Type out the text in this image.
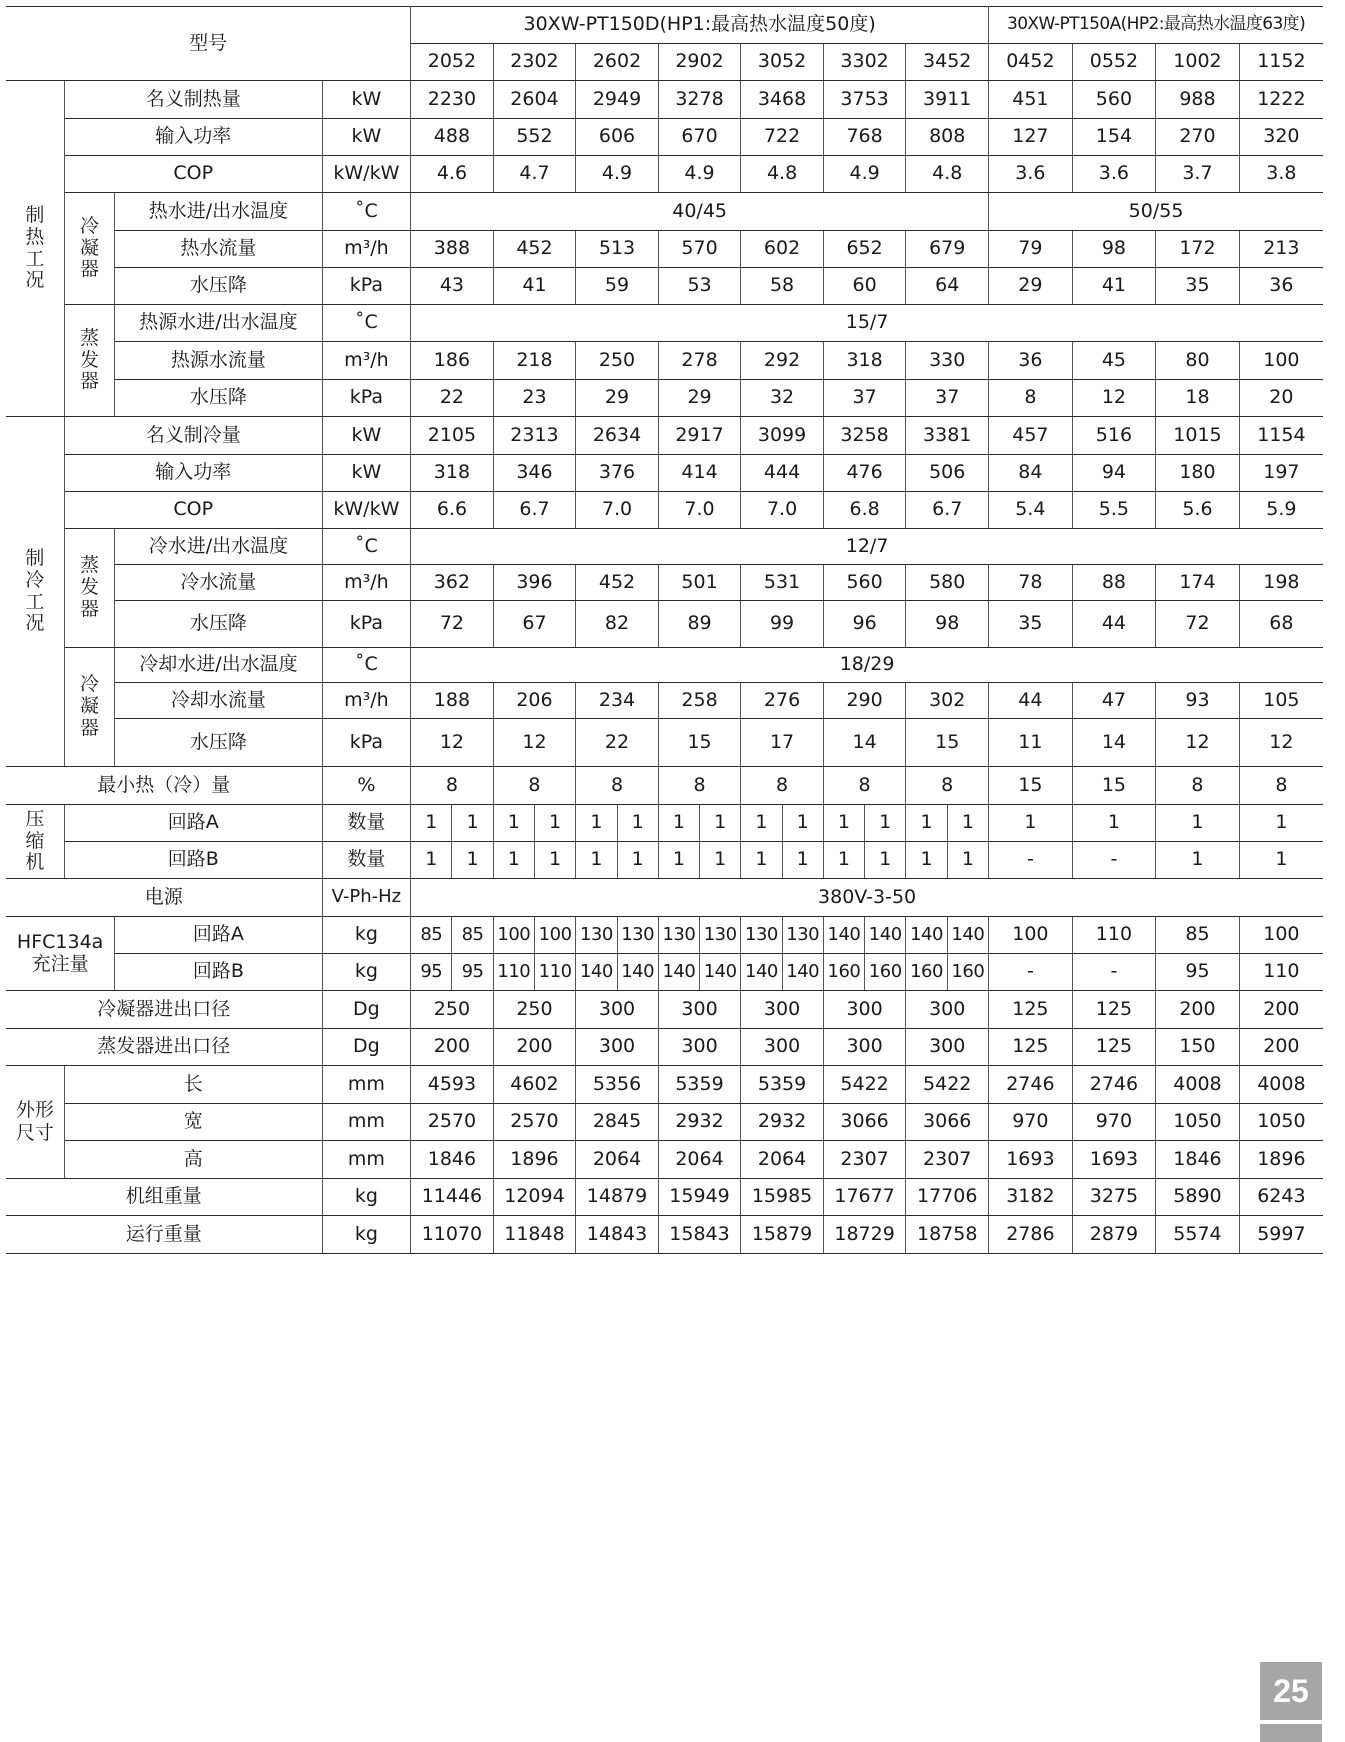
型号				30XW-PT150D(HP1:最高热水温度50度)														30XW-PT150A(HP2:最高热水温度63度)			
				2052		2302		2602		2902		3052		3302		3452		0452	0552	1002	1152
制热工况	名义制热量		kW	2230		2604		2949		3278		3468		3753		3911		451	560	988	1222
	输入功率		kW	488		552		606		670		722		768		808		127	154	270	320
	COP		kW/kW	4.6		4.7		4.9		4.9		4.8		4.9		4.8		3.6	3.6	3.7	3.8
	冷凝器	热水进/出水温度	˚C	40/45														50/55			
		热水流量	m³/h	388		452		513		570		602		652		679		79	98	172	213
		水压降	kPa	43		41		59		53		58		60		64		29	41	35	36
	蒸发器	热源水进/出水温度	˚C	15/7																	
		热源水流量	m³/h	186		218		250		278		292		318		330		36	45	80	100
		水压降	kPa	22		23		29		29		32		37		37		8	12	18	20
制冷工况	名义制冷量		kW	2105		2313		2634		2917		3099		3258		3381		457	516	1015	1154
	输入功率		kW	318		346		376		414		444		476		506		84	94	180	197
	COP		kW/kW	6.6		6.7		7.0		7.0		7.0		6.8		6.7		5.4	5.5	5.6	5.9
	蒸发器	冷水进/出水温度	˚C	12/7																	
		冷水流量	m³/h	362		396		452		501		531		560		580		78	88	174	198
		水压降	kPa	72		67		82		89		99		96		98		35	44	72	68
	冷凝器	冷却水进/出水温度	˚C	18/29																	
		冷却水流量	m³/h	188		206		234		258		276		290		302		44	47	93	105
		水压降	kPa	12		12		22		15		17		14		15		11	14	12	12
最小热（冷）量			%	8		8		8		8		8		8		8		15	15	8	8
压缩机	回路A		数量	1	1	1	1	1	1	1	1	1	1	1	1	1	1	1	1	1	1
	回路B		数量	1	1	1	1	1	1	1	1	1	1	1	1	1	1	-	-	1	1
电源			V-Ph-Hz	380V-3-50																	
HFC134a
充注量		回路A	kg	85	85	100	100	130	130	130	130	130	130	140	140	140	140	100	110	85	100
		回路B	kg	95	95	110	110	140	140	140	140	140	140	160	160	160	160	-	-	95	110
冷凝器进出口径			Dg	250		250		300		300		300		300		300		125	125	200	200
蒸发器进出口径			Dg	200		200		300		300		300		300		300		125	125	150	200
外形尺寸	长		mm	4593		4602		5356		5359		5359		5422		5422		2746	2746	4008	4008
	宽		mm	2570		2570		2845		2932		2932		3066		3066		970	970	1050	1050
	高		mm	1846		1896		2064		2064		2064		2307		2307		1693	1693	1846	1896
机组重量			kg	11446		12094		14879		15949		15985		17677		17706		3182	3275	5890	6243
运行重量			kg	11070		11848		14843		15843		15879		18729		18758		2786	2879	5574	5997
25
